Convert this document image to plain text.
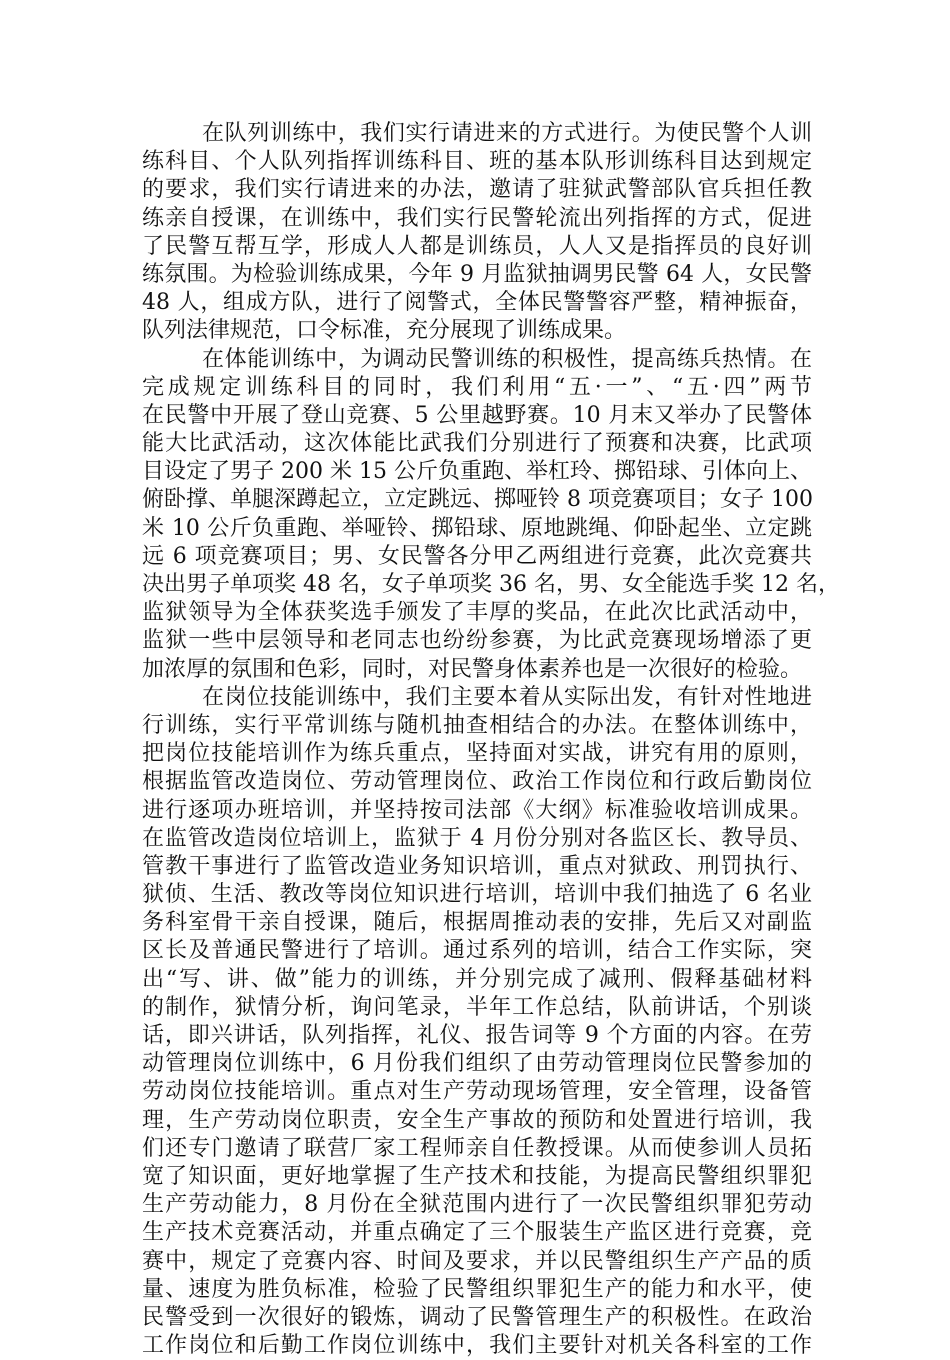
在队列训练中，我们实行请进来的方式进行。为使民警个人训
练科目、个人队列指挥训练科目、班的基本队形训练科目达到规定
的要求，我们实行请进来的办法，邀请了驻狱武警部队官兵担任教
练亲自授课，在训练中，我们实行民警轮流出列指挥的方式，促进
了民警互帮互学，形成人人都是训练员，人人又是指挥员的良好训
练氛围。为检验训练成果，今年 9 月监狱抽调男民警 64 人，女民警
48 人，组成方队，进行了阅警式，全体民警警容严整，精神振奋，
队列法律规范，口令标准，充分展现了训练成果。
在体能训练中，为调动民警训练的积极性，提高练兵热情。在
完成规定训练科目的同时，我们利用“五·一”、“五·四”两节
在民警中开展了登山竞赛、5 公里越野赛。10 月末又举办了民警体
能大比武活动，这次体能比武我们分别进行了预赛和决赛，比武项
目设定了男子 200 米 15 公斤负重跑、举杠玲、掷铅球、引体向上、
俯卧撑、单腿深蹲起立，立定跳远、掷哑铃 8 项竞赛项目；女子 100
米 10 公斤负重跑、举哑铃、掷铅球、原地跳绳、仰卧起坐、立定跳
远 6 项竞赛项目；男、女民警各分甲乙两组进行竞赛，此次竞赛共
决出男子单项奖 48 名，女子单项奖 36 名，男、女全能选手奖 12 名，
监狱领导为全体获奖选手颁发了丰厚的奖品，在此次比武活动中，
监狱一些中层领导和老同志也纷纷参赛，为比武竞赛现场增添了更
加浓厚的氛围和色彩，同时，对民警身体素养也是一次很好的检验。
在岗位技能训练中，我们主要本着从实际出发，有针对性地进
行训练，实行平常训练与随机抽查相结合的办法。在整体训练中，
把岗位技能培训作为练兵重点，坚持面对实战，讲究有用的原则，
根据监管改造岗位、劳动管理岗位、政治工作岗位和行政后勤岗位
进行逐项办班培训，并坚持按司法部《大纲》标准验收培训成果。
在监管改造岗位培训上，监狱于 4 月份分别对各监区长、教导员、
管教干事进行了监管改造业务知识培训，重点对狱政、刑罚执行、
狱侦、生活、教改等岗位知识进行培训，培训中我们抽选了 6 名业
务科室骨干亲自授课，随后，根据周推动表的安排，先后又对副监
区长及普通民警进行了培训。通过系列的培训，结合工作实际，突
出“写、讲、做”能力的训练，并分别完成了减刑、假释基础材料
的制作，狱情分析，询问笔录，半年工作总结，队前讲话，个别谈
话，即兴讲话，队列指挥，礼仪、报告词等 9 个方面的内容。在劳
动管理岗位训练中，6 月份我们组织了由劳动管理岗位民警参加的
劳动岗位技能培训。重点对生产劳动现场管理，安全管理，设备管
理，生产劳动岗位职责，安全生产事故的预防和处置进行培训，我
们还专门邀请了联营厂家工程师亲自任教授课。从而使参训人员拓
宽了知识面，更好地掌握了生产技术和技能，为提高民警组织罪犯
生产劳动能力，8 月份在全狱范围内进行了一次民警组织罪犯劳动
生产技术竞赛活动，并重点确定了三个服装生产监区进行竞赛，竞
赛中，规定了竞赛内容、时间及要求，并以民警组织生产产品的质
量、速度为胜负标准，检验了民警组织罪犯生产的能力和水平，使
民警受到一次很好的锻炼，调动了民警管理生产的积极性。在政治
工作岗位和后勤工作岗位训练中，我们主要针对机关各科室的工作
